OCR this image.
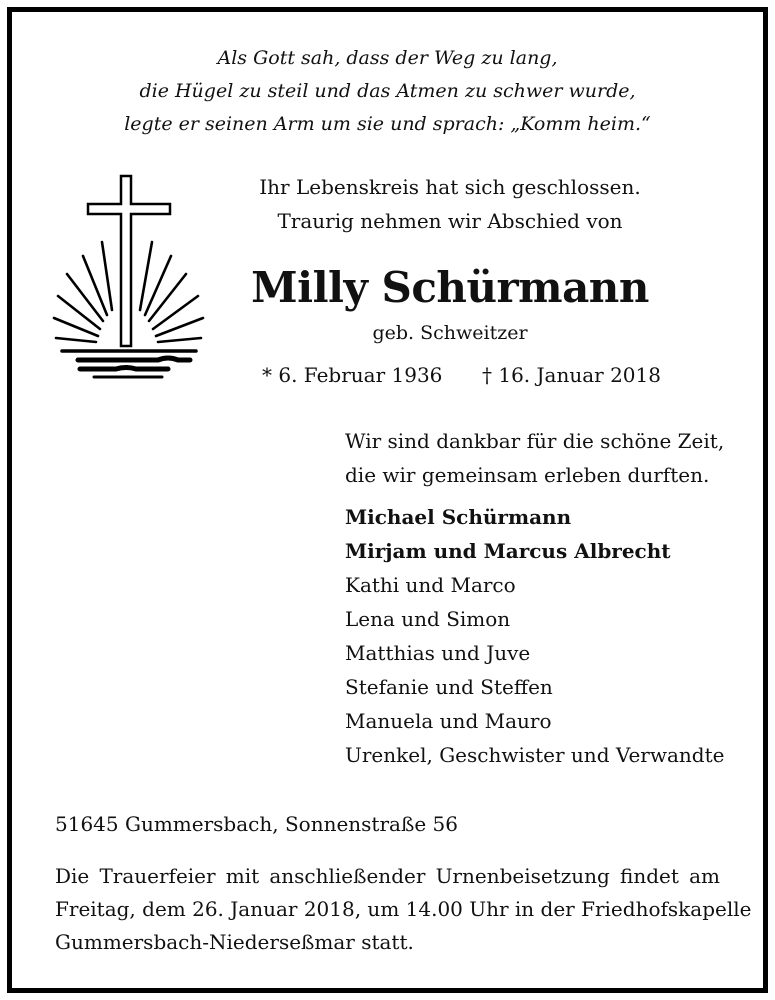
Als Gott sah, dass der Weg zu lang,
die Hügel zu steil und das Atmen zu schwer wurde,
legte er seinen Arm um sie und sprach: „Komm heim.“
Ihr Lebenskreis hat sich geschlossen.
Traurig nehmen wir Abschied von
Milly Schürmann
geb. Schweitzer
* 6. Februar 1936 † 16. Januar 2018
Wir sind dankbar für die schöne Zeit,
die wir gemeinsam erleben durften.
Michael Schürmann
Mirjam und Marcus Albrecht
Kathi und Marco
Lena und Simon
Matthias und Juve
Stefanie und Steffen
Manuela und Mauro
Urenkel, Geschwister und Verwandte
51645 Gummersbach, Sonnenstraße 56
Die Trauerfeier mit anschließender Urnenbeisetzung findet am
Freitag, dem 26. Januar 2018, um 14.00 Uhr in der Friedhofskapelle
Gummersbach-Niederseßmar statt.
